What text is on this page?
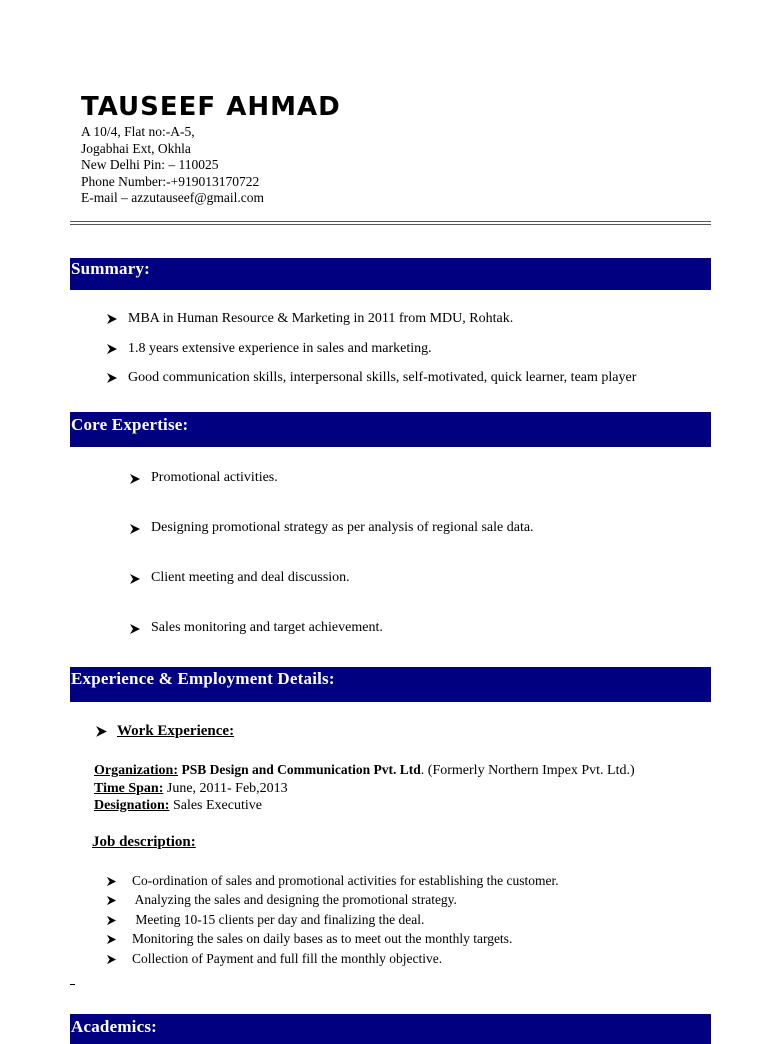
TAUSEEF AHMAD
A 10/4, Flat no:-A-5,
Jogabhai Ext, Okhla
New Delhi Pin: – 110025
Phone Number:-+919013170722
E-mail – azzutauseef@gmail.com
Summary:
MBA in Human Resource & Marketing in 2011 from MDU, Rohtak.
1.8 years extensive experience in sales and marketing.
Good communication skills, interpersonal skills, self-motivated, quick learner, team player
Core Expertise:
Promotional activities.
Designing promotional strategy as per analysis of regional sale data.
Client meeting and deal discussion.
Sales monitoring and target achievement.
Experience & Employment Details:
Work Experience:
Organization: PSB Design and Communication Pvt. Ltd. (Formerly Northern Impex Pvt. Ltd.)
Time Span: June, 2011- Feb,2013
Designation: Sales Executive
Job description:
Co-ordination of sales and promotional activities for establishing the customer.
Analyzing the sales and designing the promotional strategy.
Meeting 10-15 clients per day and finalizing the deal.
Monitoring the sales on daily bases as to meet out the monthly targets.
Collection of Payment and full fill the monthly objective.
Academics:
